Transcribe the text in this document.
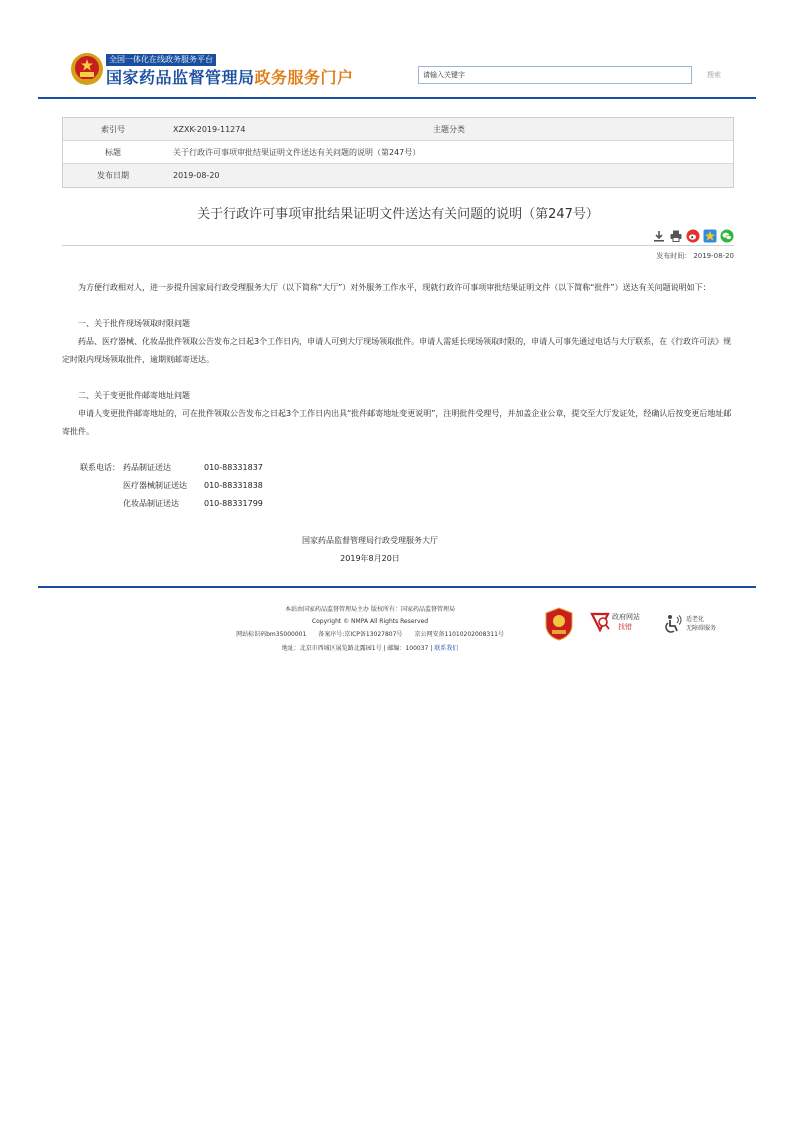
全国一体化在线政务服务平台
国家药品监督管理局政务服务门户
请输入关键字	搜索
索引号	XZXK-2019-11274	主题分类
标题	关于行政许可事项审批结果证明文件送达有关问题的说明（第247号）
发布日期	2019-08-20
关于行政许可事项审批结果证明文件送达有关问题的说明（第247号）
发布时间： 2019-08-20
为方便行政相对人，进一步提升国家局行政受理服务大厅（以下简称“大厅”）对外服务工作水平，现就行政许可事项审批结果证明文件（以下简称“批件”）送达有关问题说明如下：
一、关于批件现场领取时限问题
药品、医疗器械、化妆品批件领取公告发布之日起3个工作日内，申请人可到大厅现场领取批件。申请人需延长现场领取时限的，申请人可事先通过电话与大厅联系，在《行政许可法》规定时限内现场领取批件，逾期则邮寄送达。
二、关于变更批件邮寄地址问题
申请人变更批件邮寄地址的，可在批件领取公告发布之日起3个工作日内出具“批件邮寄地址变更说明”，注明批件受理号，并加盖企业公章，提交至大厅发证处，经确认后按变更后地址邮寄批件。
联系电话： 药品制证送达	010-88331837
医疗器械制证送达 010-88331838
化妆品制证送达	010-88331799
国家药品监督管理局行政受理服务大厅
2019年8月20日
本站由国家药品监督管理局主办 版权所有：国家药品监督管理局
Copyright © NMPA All Rights Reserved
网站标识码bm35000001 备案序号:京ICP备13027807号 京公网安备11010202008311号
地址：北京市西城区展览路北露园1号 | 邮编：100037 | 联系我们
政府网站
找错
适老化
无障碍服务
